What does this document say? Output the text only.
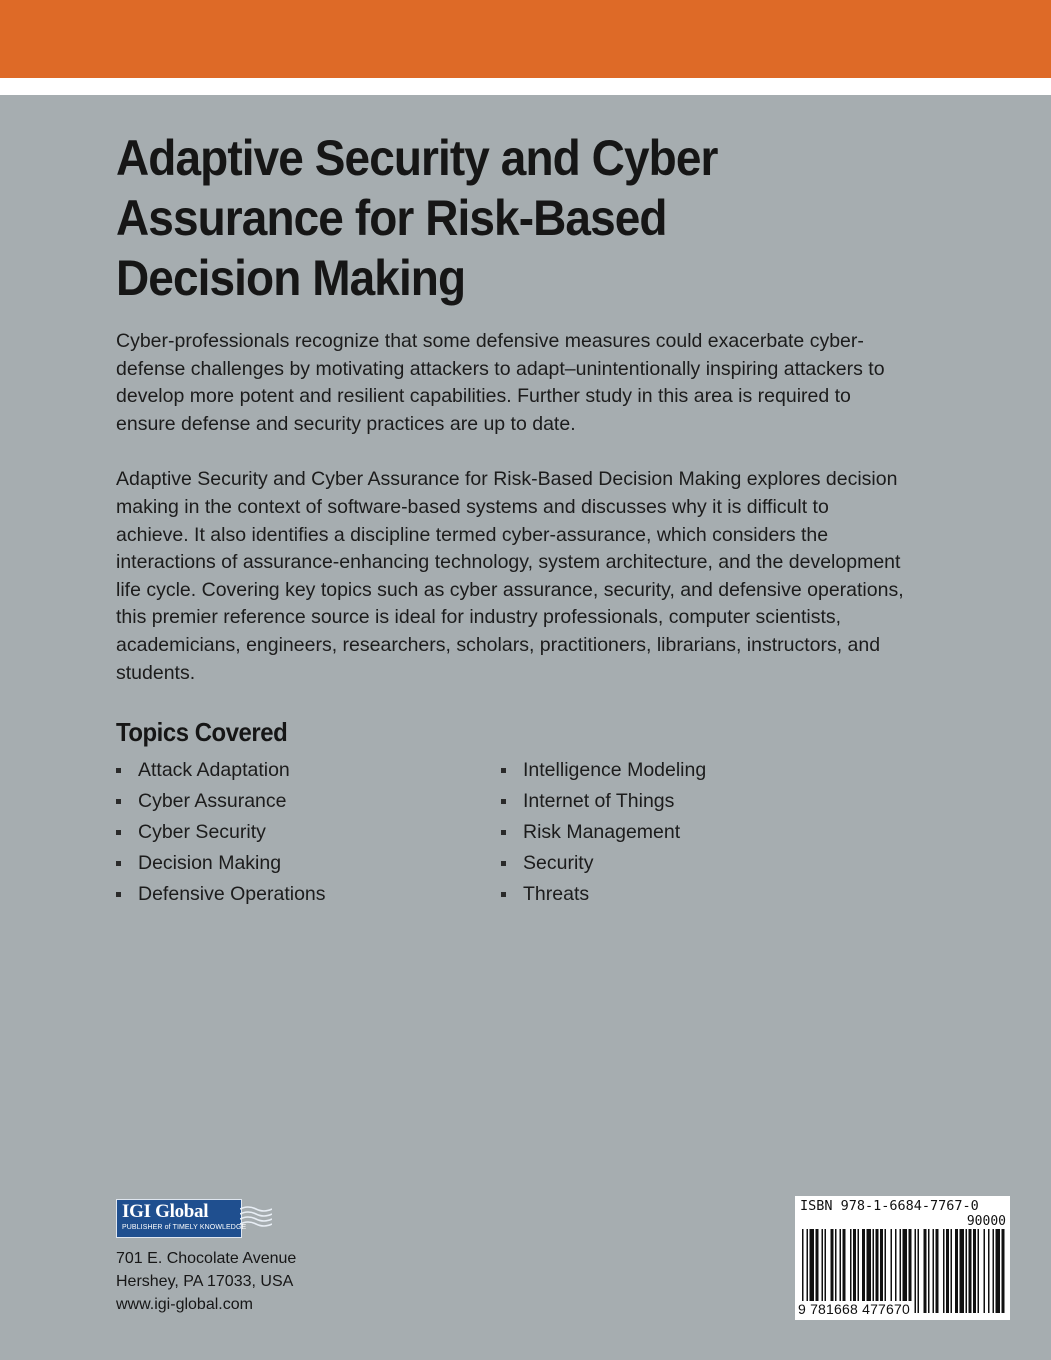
Adaptive Security and Cyber Assurance for Risk-Based Decision Making

Cyber-professionals recognize that some defensive measures could exacerbate cyber-defense challenges by motivating attackers to adapt–unintentionally inspiring attackers to develop more potent and resilient capabilities. Further study in this area is required to ensure defense and security practices are up to date.

Adaptive Security and Cyber Assurance for Risk-Based Decision Making explores decision making in the context of software-based systems and discusses why it is difficult to achieve. It also identifies a discipline termed cyber-assurance, which considers the interactions of assurance-enhancing technology, system architecture, and the development life cycle. Covering key topics such as cyber assurance, security, and defensive operations, this premier reference source is ideal for industry professionals, computer scientists, academicians, engineers, researchers, scholars, practitioners, librarians, instructors, and students.

Topics Covered
Attack Adaptation
Cyber Assurance
Cyber Security
Decision Making
Defensive Operations
Intelligence Modeling
Internet of Things
Risk Management
Security
Threats
IGI Global
PUBLISHER of TIMELY KNOWLEDGE
701 E. Chocolate Avenue
Hershey, PA 17033, USA
www.igi-global.com
ISBN 978-1-6684-7767-0
90000
9 781668 477670
